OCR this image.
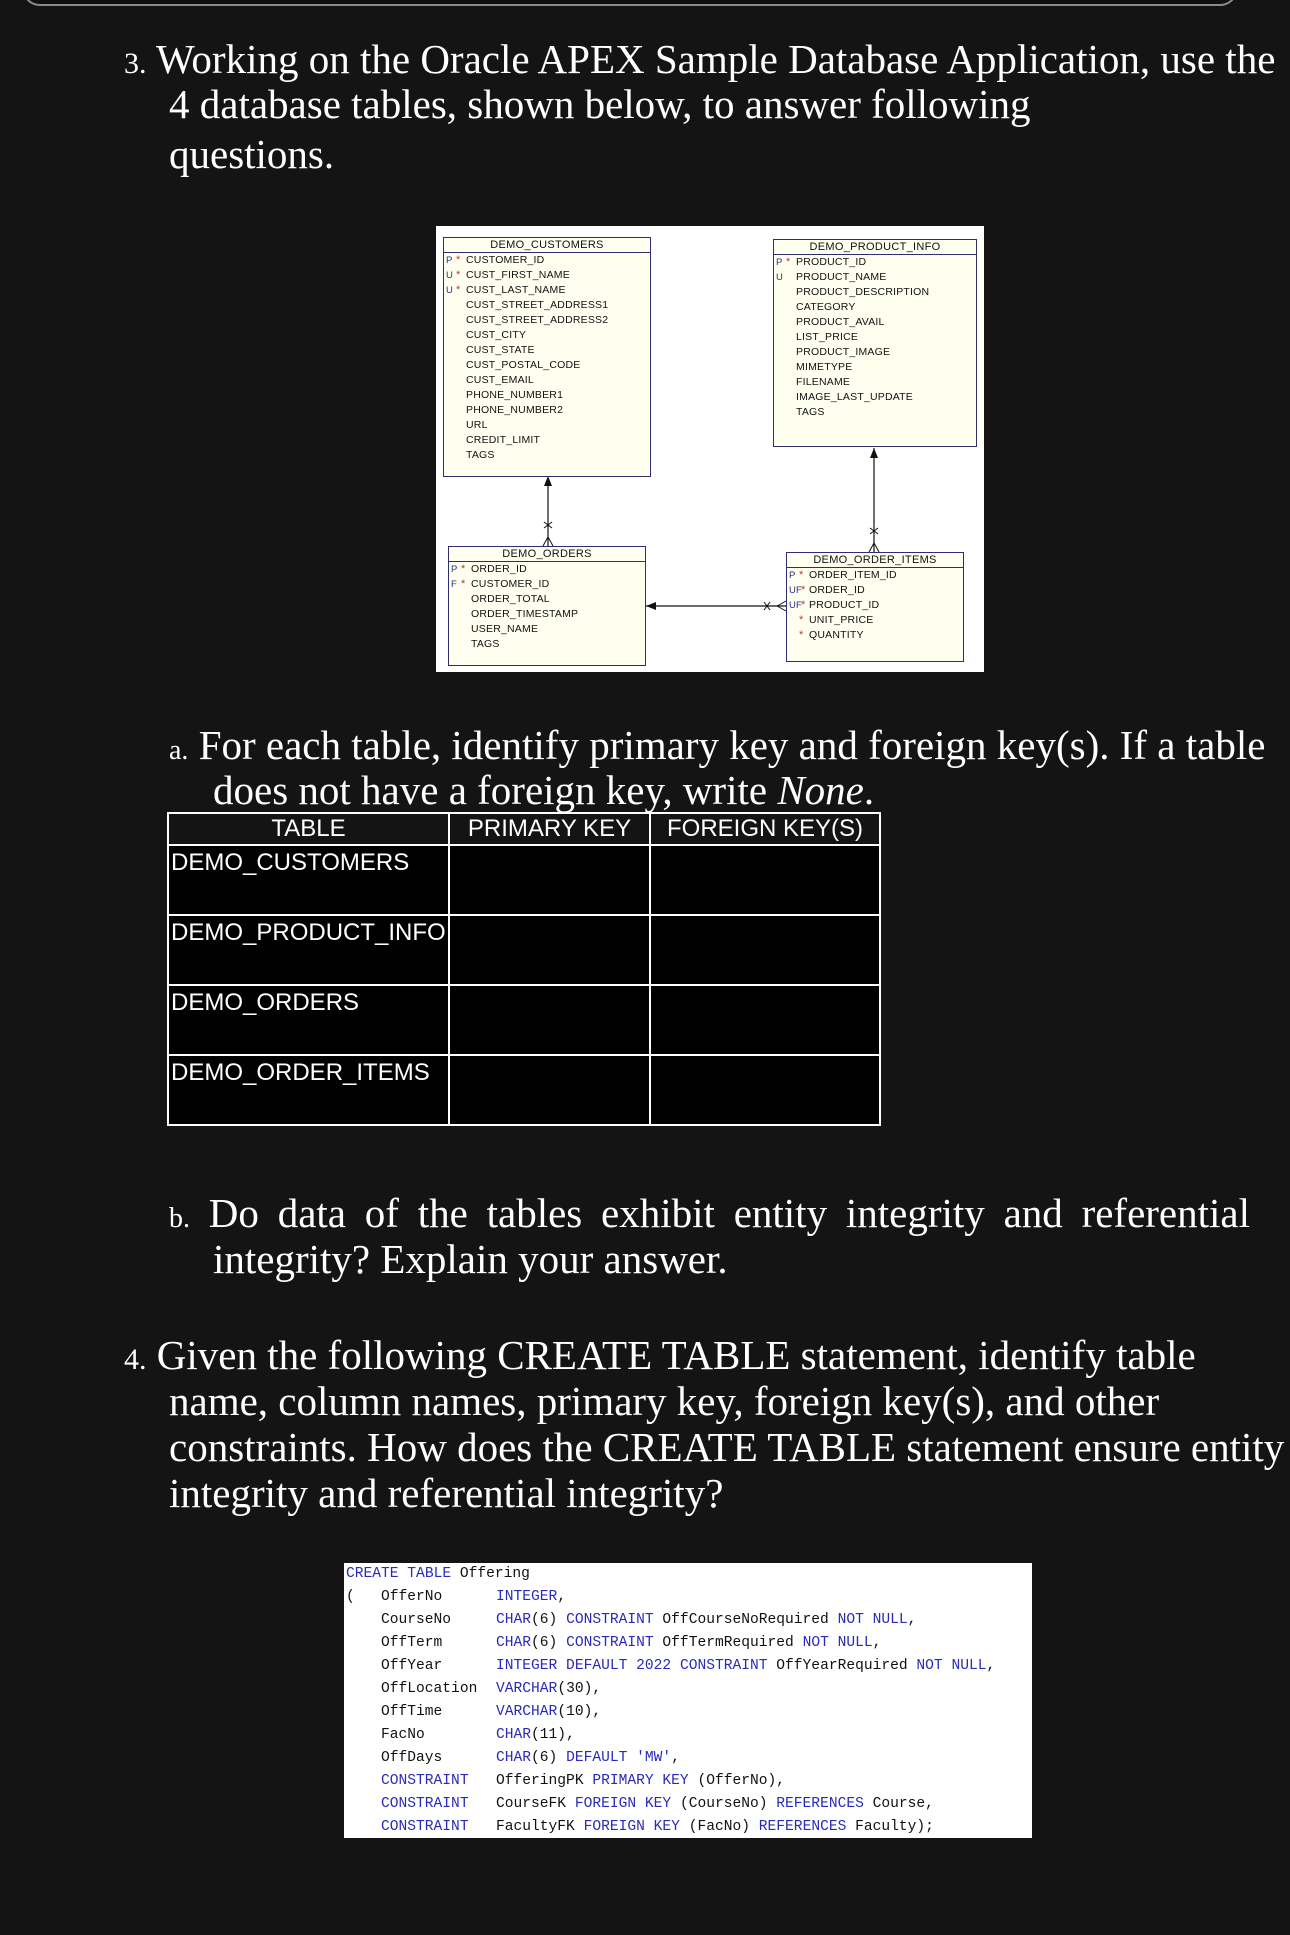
3. Working on the Oracle APEX Sample Database Application, use the
4 database tables, shown below, to answer following
questions.
DEMO_CUSTOMERS
P * CUSTOMER_ID
U * CUST_FIRST_NAME
U * CUST_LAST_NAME
CUST_STREET_ADDRESS1
CUST_STREET_ADDRESS2
CUST_CITY
CUST_STATE
CUST_POSTAL_CODE
CUST_EMAIL
PHONE_NUMBER1
PHONE_NUMBER2
URL
CREDIT_LIMIT
TAGS
DEMO_PRODUCT_INFO
P * PRODUCT_ID
U PRODUCT_NAME
PRODUCT_DESCRIPTION
CATEGORY
PRODUCT_AVAIL
LIST_PRICE
PRODUCT_IMAGE
MIMETYPE
FILENAME
IMAGE_LAST_UPDATE
TAGS
DEMO_ORDERS
P * ORDER_ID
F * CUSTOMER_ID
ORDER_TOTAL
ORDER_TIMESTAMP
USER_NAME
TAGS
DEMO_ORDER_ITEMS
P * ORDER_ITEM_ID
UF
* ORDER_ID
UF
* PRODUCT_ID
* UNIT_PRICE
* QUANTITY
a. For each table, identify primary key and foreign key(s). If a table
does not have a foreign key, write None.
TABLE	PRIMARY KEY	FOREIGN KEY(S)
DEMO_CUSTOMERS		
DEMO_PRODUCT_INFO		
DEMO_ORDERS		
DEMO_ORDER_ITEMS		
b. Do data of the tables exhibit entity integrity and referential
integrity? Explain your answer.
4. Given the following CREATE TABLE statement, identify table
name, column names, primary key, foreign key(s), and other
constraints. How does the CREATE TABLE statement ensure entity
integrity and referential integrity?
CREATE TABLE Offering
( OfferNo	INTEGER,
CourseNo	CHAR(6) CONSTRAINT OffCourseNoRequired NOT NULL,
OffTerm	CHAR(6) CONSTRAINT OffTermRequired NOT NULL,
OffYear	INTEGER DEFAULT 2022 CONSTRAINT OffYearRequired NOT NULL,
OffLocation VARCHAR(30),
OffTime	VARCHAR(10),
FacNo	CHAR(11),
OffDays	CHAR(6) DEFAULT 'MW',
CONSTRAINT OfferingPK PRIMARY KEY (OfferNo),
CONSTRAINT CourseFK FOREIGN KEY (CourseNo) REFERENCES Course,
CONSTRAINT FacultyFK FOREIGN KEY (FacNo) REFERENCES Faculty);
